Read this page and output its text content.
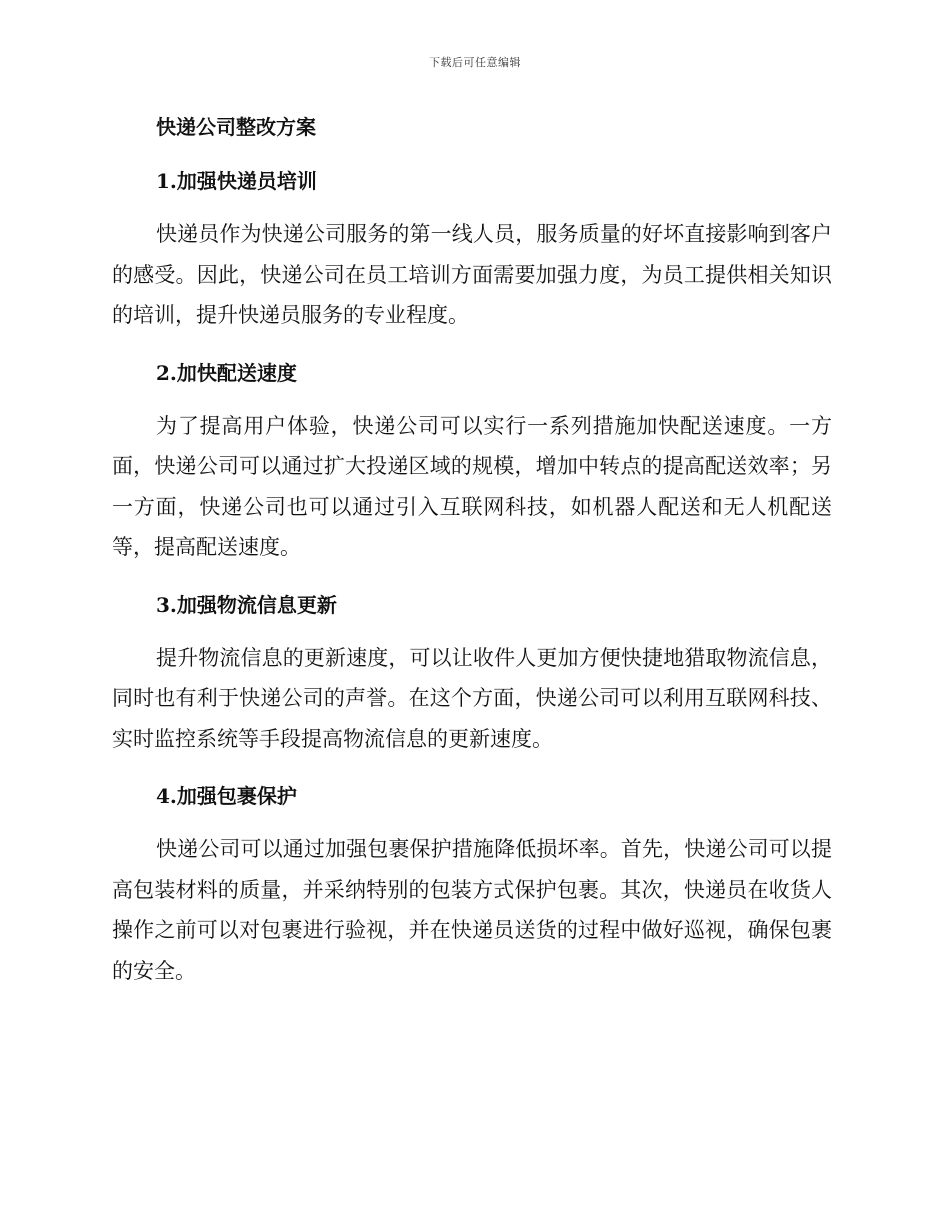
下载后可任意编辑
快递公司整改方案
1.加强快递员培训

快递员作为快递公司服务的第一线人员，服务质量的好坏直接影响到客户的感受。因此，快递公司在员工培训方面需要加强力度，为员工提供相关知识的培训，提升快递员服务的专业程度。

2.加快配送速度

为了提高用户体验，快递公司可以实行一系列措施加快配送速度。一方面，快递公司可以通过扩大投递区域的规模，增加中转点的提高配送效率；另一方面，快递公司也可以通过引入互联网科技，如机器人配送和无人机配送等，提高配送速度。

3.加强物流信息更新

提升物流信息的更新速度，可以让收件人更加方便快捷地猎取物流信息，同时也有利于快递公司的声誉。在这个方面，快递公司可以利用互联网科技、实时监控系统等手段提高物流信息的更新速度。

4.加强包裹保护

快递公司可以通过加强包裹保护措施降低损坏率。首先，快递公司可以提高包装材料的质量，并采纳特别的包装方式保护包裹。其次，快递员在收货人操作之前可以对包裹进行验视，并在快递员送货的过程中做好巡视，确保包裹的安全。
